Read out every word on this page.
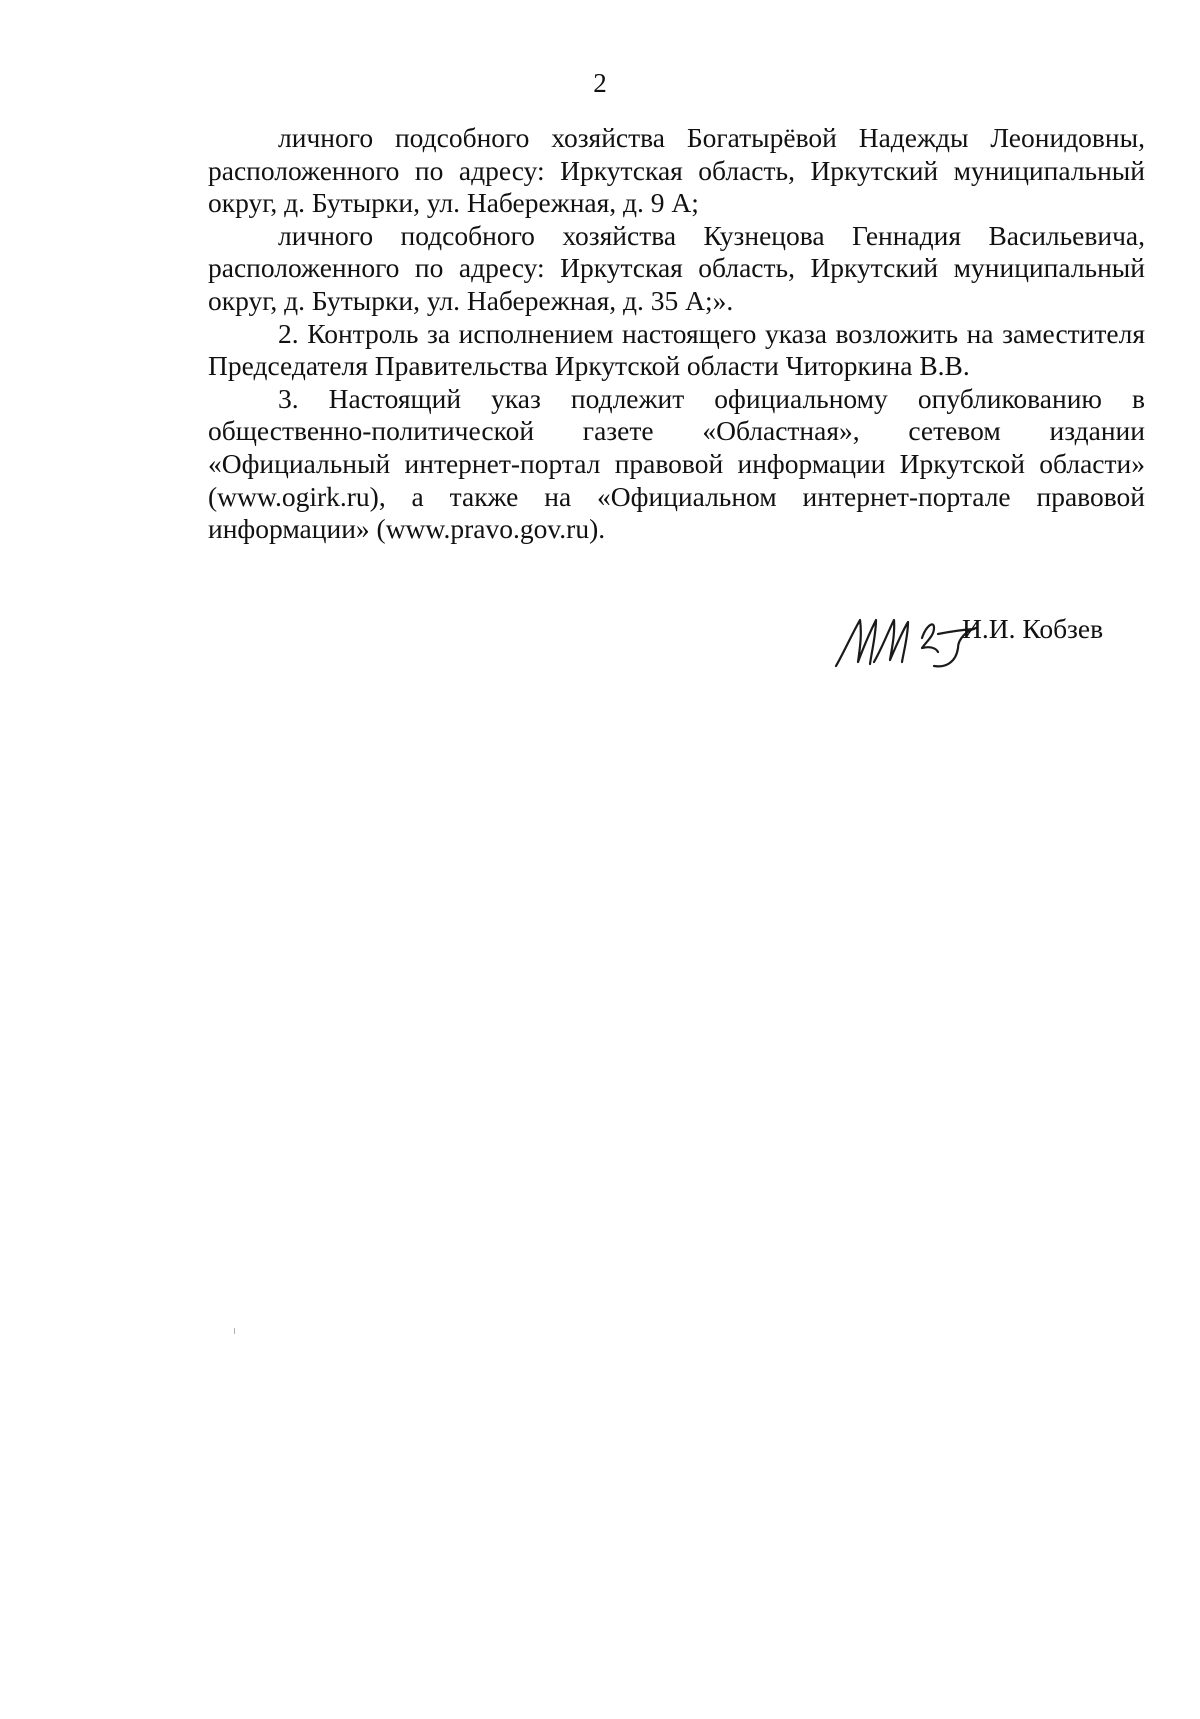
2

личного подсобного хозяйства Богатырёвой Надежды Леонидовны, расположенного по адресу: Иркутская область, Иркутский муниципальный округ, д. Бутырки, ул. Набережная, д. 9 А;

личного подсобного хозяйства Кузнецова Геннадия Васильевича, расположенного по адресу: Иркутская область, Иркутский муниципальный округ, д. Бутырки, ул. Набережная, д. 35 А;».

2. Контроль за исполнением настоящего указа возложить на заместителя Председателя Правительства Иркутской области Читоркина В.В.

3. Настоящий указ подлежит официальному опубликованию в общественно-политической газете «Областная», сетевом издании «Официальный интернет-портал правовой информации Иркутской области» (www.ogirk.ru), а также на «Официальном интернет-портале правовой информации» (www.pravo.gov.ru).

И.И. Кобзев
